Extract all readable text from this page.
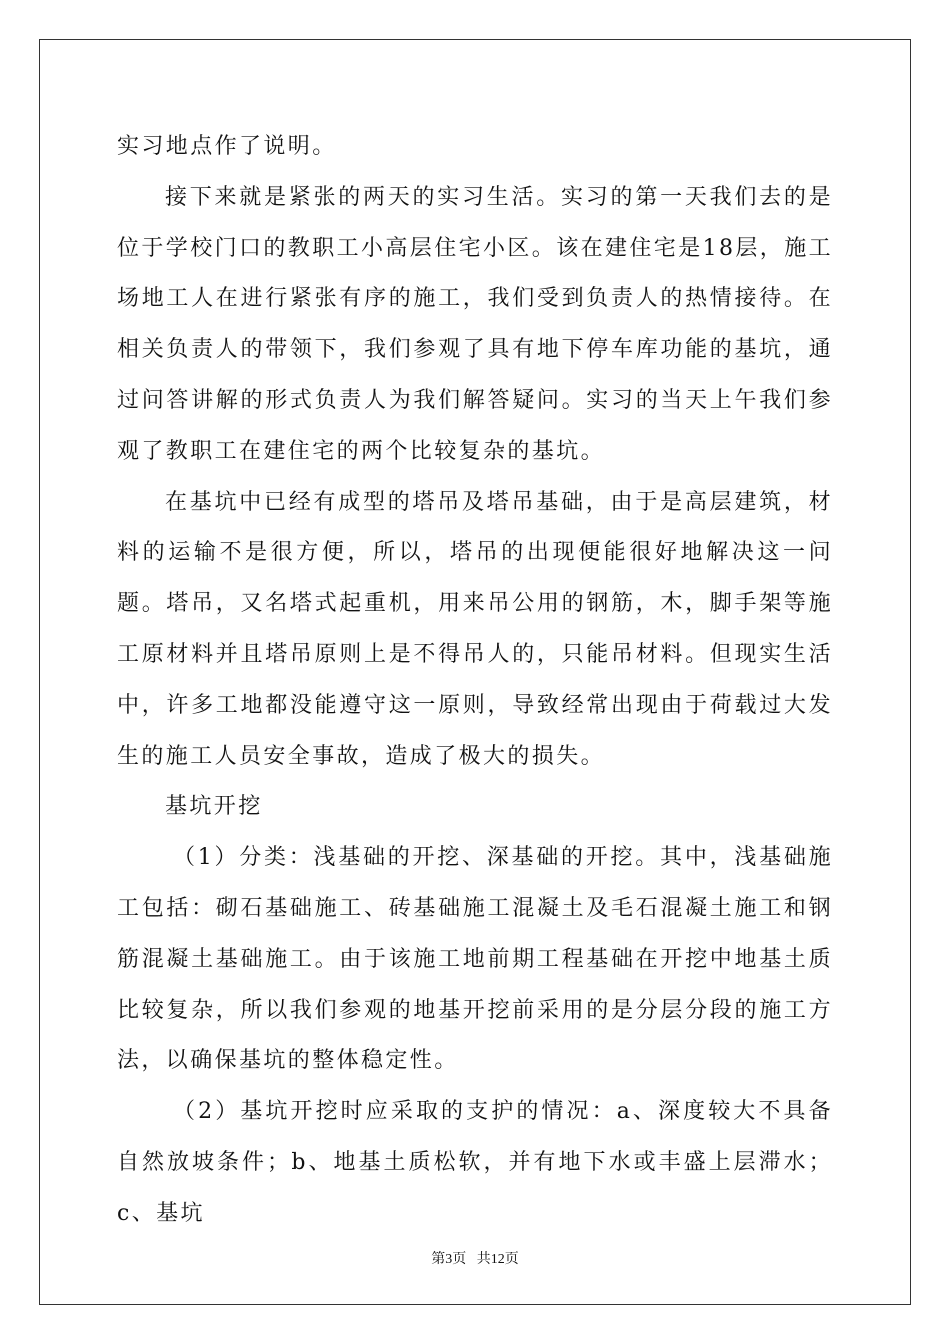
实习地点作了说明。

接下来就是紧张的两天的实习生活。实习的第一天我们去的是位于学校门口的教职工小高层住宅小区。该在建住宅是18层，施工场地工人在进行紧张有序的施工，我们受到负责人的热情接待。在相关负责人的带领下，我们参观了具有地下停车库功能的基坑，通过问答讲解的形式负责人为我们解答疑问。实习的当天上午我们参观了教职工在建住宅的两个比较复杂的基坑。

在基坑中已经有成型的塔吊及塔吊基础，由于是高层建筑，材料的运输不是很方便，所以，塔吊的出现便能很好地解决这一问题。塔吊，又名塔式起重机，用来吊公用的钢筋，木，脚手架等施工原材料并且塔吊原则上是不得吊人的，只能吊材料。但现实生活中，许多工地都没能遵守这一原则，导致经常出现由于荷载过大发生的施工人员安全事故，造成了极大的损失。

基坑开挖

（1）分类：浅基础的开挖、深基础的开挖。其中，浅基础施工包括：砌石基础施工、砖基础施工混凝土及毛石混凝土施工和钢筋混凝土基础施工。由于该施工地前期工程基础在开挖中地基土质比较复杂，所以我们参观的地基开挖前采用的是分层分段的施工方法，以确保基坑的整体稳定性。

（2）基坑开挖时应采取的支护的情况：a、深度较大不具备自然放坡条件；b、地基土质松软，并有地下水或丰盛上层滞水；c、基坑

第3页 共12页
